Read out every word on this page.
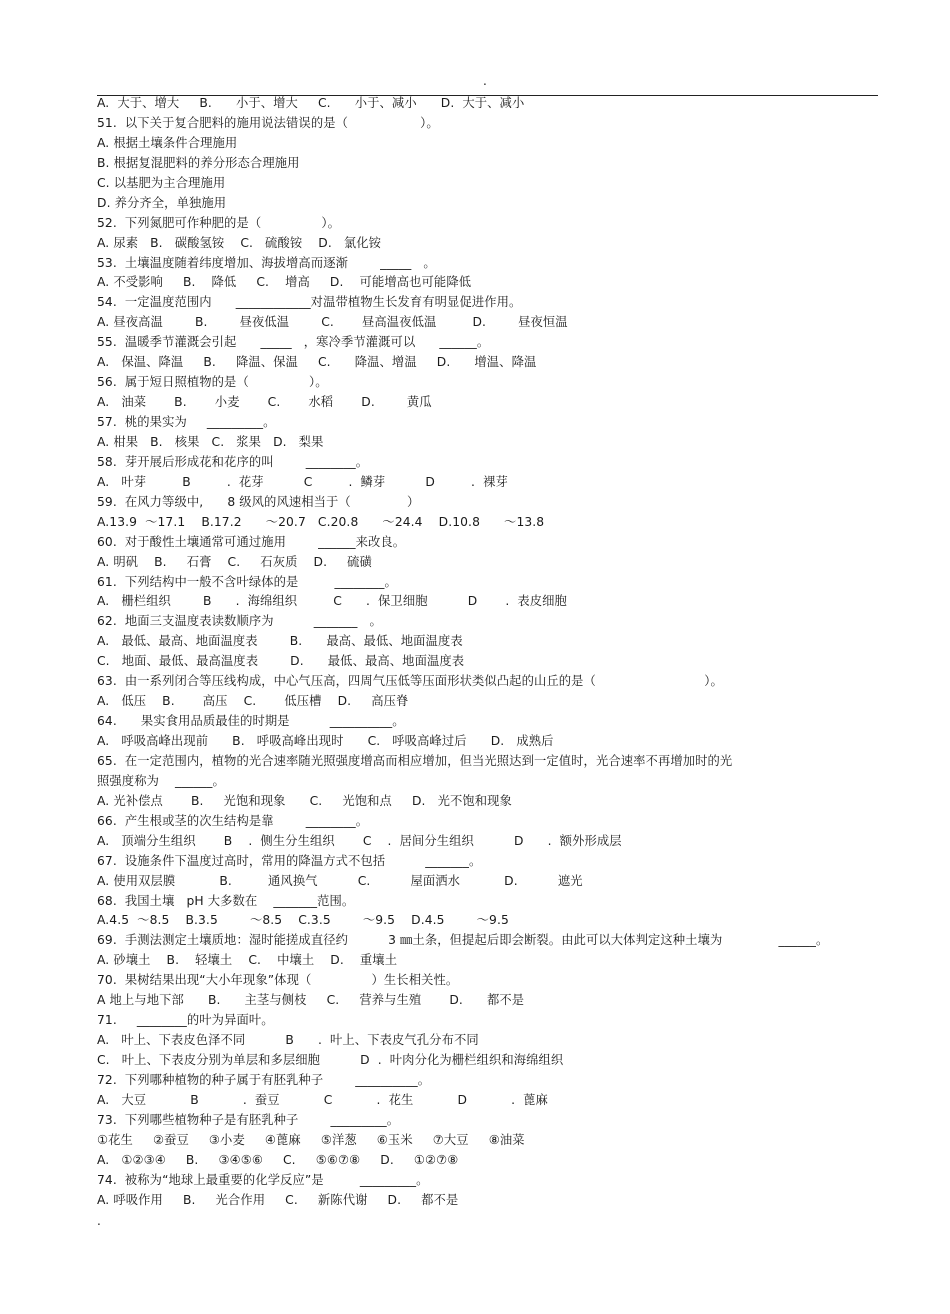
.
A.  大于、增大     B.      小于、增大     C.      小于、减小      D.  大于、减小
51.  以下关于复合肥料的施用说法错误的是（                  ）。
A. 根据土壤条件合理施用
B. 根据复混肥料的养分形态合理施用
C. 以基肥为主合理施用
D. 养分齐全，单独施用
52.  下列氮肥可作种肥的是（               ）。
A. 尿素   B.   碳酸氢铵    C.   硫酸铵    D.   氯化铵
53.  土壤温度随着纬度增加、海拔增高而逐渐        _____   。
A. 不受影响     B.    降低     C.    增高     D.    可能增高也可能降低
54.  一定温度范围内      ____________对温带植物生长发育有明显促进作用。
A. 昼夜高温        B.        昼夜低温        C.       昼高温夜低温         D.        昼夜恒温
55.  温暖季节灌溉会引起      _____   ，寒冷季节灌溉可以      ______。
A.   保温、降温     B.     降温、保温     C.      降温、增温     D.      增温、降温
56.  属于短日照植物的是（               ）。
A.   油菜       B.       小麦       C.       水稻       D.        黄瓜
57.  桃的果实为     _________。
A. 柑果   B.   核果   C.   浆果   D.   梨果
58.  芽开展后形成花和花序的叫        ________。
A.   叶芽         B         .  花芽          C         .  鳞芽          D         .  裸芽
59.  在风力等级中,      8 级风的风速相当于（              ）
A.13.9  ～17.1    B.17.2      ～20.7   C.20.8      ～24.4    D.10.8      ～13.8
60.  对于酸性土壤通常可通过施用        ______来改良。
A. 明矾    B.     石膏    C.     石灰质    D.     硫磺
61.  下列结构中一般不含叶绿体的是         ________。
A.   栅栏组织        B      .  海绵组织         C      .  保卫细胞          D       .  表皮细胞
62.  地面三支温度表读数顺序为          _______   。
A.   最低、最高、地面温度表        B.      最高、最低、地面温度表
C.   地面、最低、最高温度表        D.      最低、最高、地面温度表
63.  由一系列闭合等压线构成，中心气压高，四周气压低等压面形状类似凸起的山丘的是（                           ）。
A.   低压    B.       高压    C.       低压槽    D.     高压脊
64.      果实食用品质最佳的时期是          __________。
A.   呼吸高峰出现前      B.   呼吸高峰出现时      C.   呼吸高峰过后      D.   成熟后
65.  在一定范围内，植物的光合速率随光照强度增高而相应增加，但当光照达到一定值时，光合速率不再增加时的光
照强度称为    ______。
A. 光补偿点       B.     光饱和现象      C.     光饱和点     D.   光不饱和现象
66.  产生根或茎的次生结构是靠        ________。
A.   顶端分生组织       B    .  侧生分生组织       C    .  居间分生组织          D      .  额外形成层
67.  设施条件下温度过高时，常用的降温方式不包括          _______。
A. 使用双层膜           B.         通风换气          C.          屋面洒水           D.          遮光
68.  我国土壤   pH 大多数在    _______范围。
A.4.5  ～8.5    B.3.5        ～8.5    C.3.5        ～9.5    D.4.5        ～9.5
69.  手测法测定土壤质地：湿时能搓成直径约          3 ㎜土条，但提起后即会断裂。由此可以大体判定这种土壤为              ______。
A. 砂壤土    B.    轻壤土    C.    中壤土    D.    重壤土
70.  果树结果出现“大小年现象”体现（               ）生长相关性。
A 地上与地下部      B.      主茎与侧枝     C.     营养与生殖       D.      都不是
71.     ________的叶为异面叶。
A.   叶上、下表皮色泽不同          B      .  叶上、下表皮气孔分布不同
C.   叶上、下表皮分别为单层和多层细胞          D  .  叶肉分化为栅栏组织和海绵组织
72.  下列哪种植物的种子属于有胚乳种子        __________。
A.   大豆           B           .  蚕豆           C           .  花生           D           .  蓖麻
73.  下列哪些植物种子是有胚乳种子        _________。
①花生     ②蚕豆     ③小麦     ④蓖麻     ⑤洋葱     ⑥玉米     ⑦大豆     ⑧油菜
A.   ①②③④     B.     ③④⑤⑥     C.     ⑤⑥⑦⑧     D.     ①②⑦⑧
74.  被称为“地球上最重要的化学反应”是         _________。
A. 呼吸作用     B.     光合作用     C.     新陈代谢     D.     都不是
.
